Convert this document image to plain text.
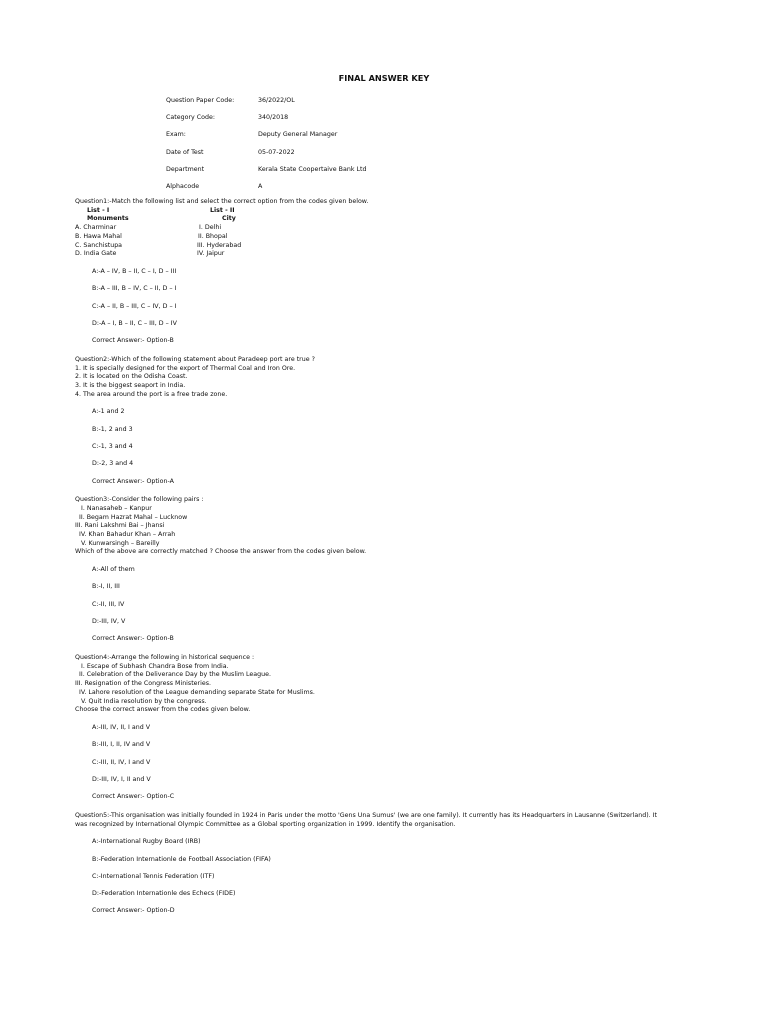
FINAL ANSWER KEY
Question Paper Code:	36/2022/OL
Category Code:	340/2018
Exam:	Deputy General Manager
Date of Test	05-07-2022
Department	Kerala State Coopertaive Bank Ltd
Alphacode	A
Question1:-Match the following list and select the correct option from the codes given below.
List - I	List - II
Monuments	City
A. Charminar	I. Delhi
B. Hawa Mahal	II. Bhopal
C. Sanchistupa	III. Hyderabad
D. India Gate	IV. Jaipur
A:-A – IV, B – II, C – I, D – III
B:-A – III, B – IV, C – II, D – I
C:-A – II, B – III, C – IV, D – I
D:-A – I, B – II, C – III, D – IV
Correct Answer:- Option-B
Question2:-Which of the following statement about Paradeep port are true ?
1. It is specially designed for the export of Thermal Coal and Iron Ore.
2. It is located on the Odisha Coast.
3. It is the biggest seaport in India.
4. The area around the port is a free trade zone.
A:-1 and 2
B:-1, 2 and 3
C:-1, 3 and 4
D:-2, 3 and 4
Correct Answer:- Option-A
Question3:-Consider the following pairs :
I. Nanasaheb – Kanpur
II. Begam Hazrat Mahal – Lucknow
III. Rani Lakshmi Bai – Jhansi
IV. Khan Bahadur Khan – Arrah
V. Kunwarsingh – Bareilly
Which of the above are correctly matched ? Choose the answer from the codes given below.
A:-All of them
B:-I, II, III
C:-II, III, IV
D:-III, IV, V
Correct Answer:- Option-B
Question4:-Arrange the following in historical sequence :
I. Escape of Subhash Chandra Bose from India.
II. Celebration of the Deliverance Day by the Muslim League.
III. Resignation of the Congress Ministeries.
IV. Lahore resolution of the League demanding separate State for Muslims.
V. Quit India resolution by the congress.
Choose the correct answer from the codes given below.
A:-III, IV, II, I and V
B:-III, I, II, IV and V
C:-III, II, IV, I and V
D:-III, IV, I, II and V
Correct Answer:- Option-C
Question5:-This organisation was initially founded in 1924 in Paris under the motto 'Gens Una Sumus' (we are one family). It currently has its Headquarters in Lausanne (Switzerland). It
was recognized by International Olympic Committee as a Global sporting organization in 1999. Identify the organisation.
A:-International Rugby Board (IRB)
B:-Federation Internationle de Football Association (FIFA)
C:-International Tennis Federation (ITF)
D:-Federation Internationle des Echecs (FIDE)
Correct Answer:- Option-D
